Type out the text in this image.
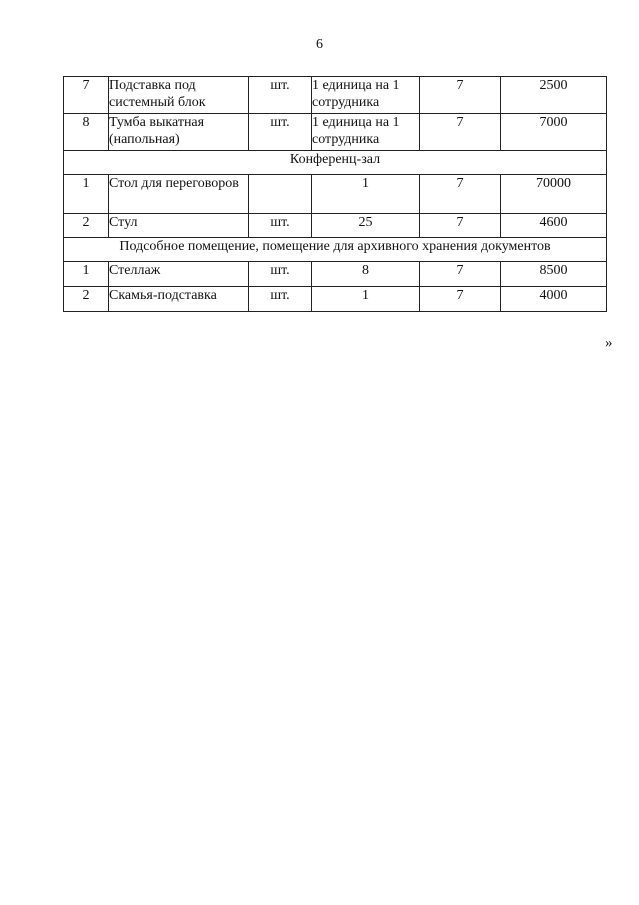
6
7	Подставка под системный блок	шт.	1 единица на 1 сотрудника	7	2500
8	Тумба выкатная (напольная)	шт.	1 единица на 1 сотрудника	7	7000
Конференц-зал					
1	Стол для переговоров		1	7	70000
2	Стул	шт.	25	7	4600
Подсобное помещение, помещение для архивного хранения документов					
1	Стеллаж	шт.	8	7	8500
2	Скамья-подставка	шт.	1	7	4000
»
